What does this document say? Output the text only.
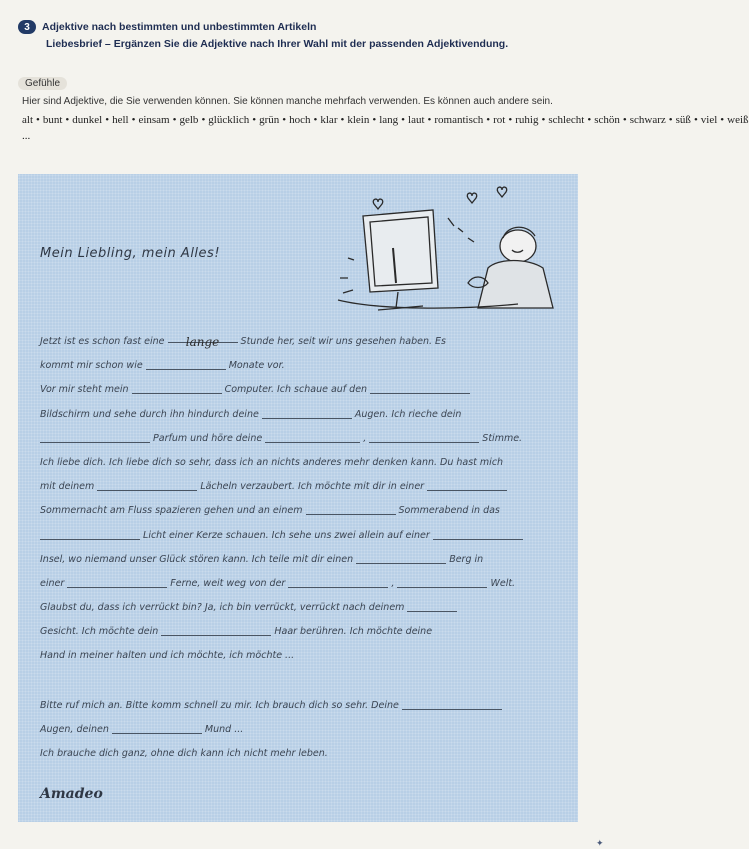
3	Adjektive nach bestimmten und unbestimmten Artikeln
Liebesbrief – Ergänzen Sie die Adjektive nach Ihrer Wahl mit der passenden Adjektivendung.
Gefühle
Hier sind Adjektive, die Sie verwenden können. Sie können manche mehrfach verwenden. Es können auch andere sein.
alt • bunt • dunkel • hell • einsam • gelb • glücklich • grün • hoch • klar • klein • lang • laut • romantisch • rot • ruhig • schlecht • schön • schwarz • süß • viel • weiß ...
Mein Liebling, mein Alles!
Jetzt ist es schon fast eine lange Stunde her, seit wir uns gesehen haben. Es
kommt mir schon wie	Monate vor.
Vor mir steht mein	Computer. Ich schaue auf den
Bildschirm und sehe durch ihn hindurch deine	Augen. Ich rieche dein
Parfum und höre deine	,	Stimme.
Ich liebe dich. Ich liebe dich so sehr, dass ich an nichts anderes mehr denken kann. Du hast mich
mit deinem	Lächeln verzaubert. Ich möchte mit dir in einer
Sommernacht am Fluss spazieren gehen und an einem	Sommerabend in das
Licht einer Kerze schauen. Ich sehe uns zwei allein auf einer
Insel, wo niemand unser Glück stören kann. Ich teile mit dir einen	Berg in
einer	Ferne, weit weg von der	,	Welt.
Glaubst du, dass ich verrückt bin? Ja, ich bin verrückt, verrückt nach deinem
Gesicht. Ich möchte dein	Haar berühren. Ich möchte deine
Hand in meiner halten und ich möchte, ich möchte ...
Bitte ruf mich an. Bitte komm schnell zu mir. Ich brauch dich so sehr. Deine
Augen, deinen	Mund ...
Ich brauche dich ganz, ohne dich kann ich nicht mehr leben.
Amadeo
✦
